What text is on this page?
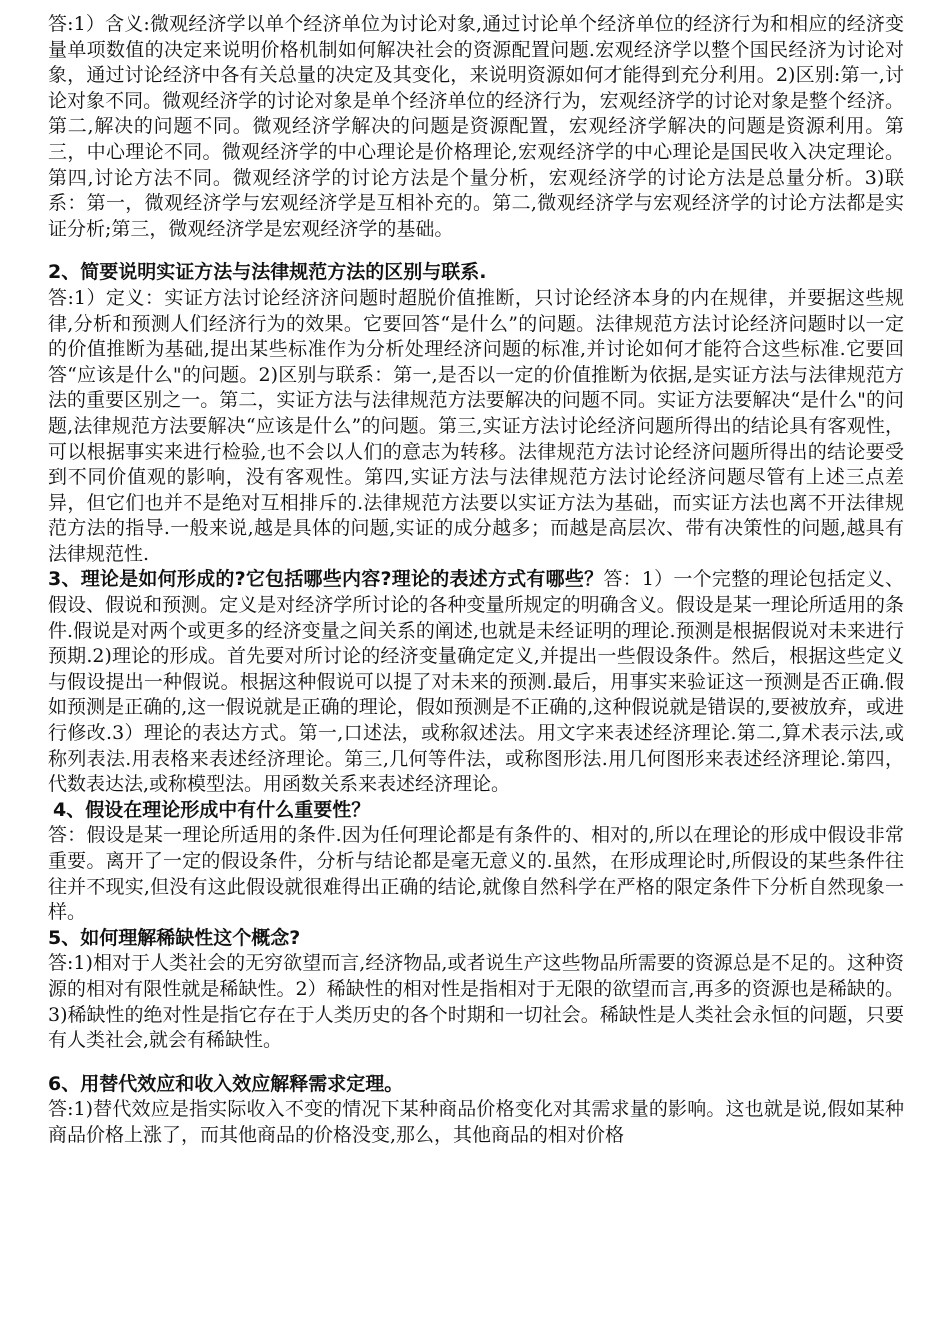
答:1）含义:微观经济学以单个经济单位为讨论对象,通过讨论单个经济单位的经济行为和相应的经济变量单项数值的决定来说明价格机制如何解决社会的资源配置问题.宏观经济学以整个国民经济为讨论对象，通过讨论经济中各有关总量的决定及其变化，来说明资源如何才能得到充分利用。2)区别:第一,讨论对象不同。微观经济学的讨论对象是单个经济单位的经济行为，宏观经济学的讨论对象是整个经济。第二,解决的问题不同。微观经济学解决的问题是资源配置，宏观经济学解决的问题是资源利用。第三，中心理论不同。微观经济学的中心理论是价格理论,宏观经济学的中心理论是国民收入决定理论。第四,讨论方法不同。微观经济学的讨论方法是个量分析，宏观经济学的讨论方法是总量分析。3)联系：第一，微观经济学与宏观经济学是互相补充的。第二,微观经济学与宏观经济学的讨论方法都是实证分析;第三，微观经济学是宏观经济学的基础。

2、简要说明实证方法与法律规范方法的区别与联系.

答:1）定义：实证方法讨论经济济问题时超脱价值推断，只讨论经济本身的内在规律，并要据这些规律,分析和预测人们经济行为的效果。它要回答“是什么”的问题。法律规范方法讨论经济问题时以一定的价值推断为基础,提出某些标准作为分析处理经济问题的标准,并讨论如何才能符合这些标准.它要回答“应该是什么"的问题。2)区别与联系：第一,是否以一定的价值推断为依据,是实证方法与法律规范方法的重要区别之一。第二，实证方法与法律规范方法要解决的问题不同。实证方法要解决“是什么"的问题,法律规范方法要解决“应该是什么”的问题。第三,实证方法讨论经济问题所得出的结论具有客观性，可以根据事实来进行检验,也不会以人们的意志为转移。法律规范方法讨论经济问题所得出的结论要受到不同价值观的影响，没有客观性。第四,实证方法与法律规范方法讨论经济问题尽管有上述三点差异，但它们也并不是绝对互相排斥的.法律规范方法要以实证方法为基础，而实证方法也离不开法律规范方法的指导.一般来说,越是具体的问题,实证的成分越多；而越是高层次、带有决策性的问题,越具有法律规范性.

3、理论是如何形成的?它包括哪些内容?理论的表述方式有哪些？答：1）一个完整的理论包括定义、假设、假说和预测。定义是对经济学所讨论的各种变量所规定的明确含义。假设是某一理论所适用的条件.假说是对两个或更多的经济变量之间关系的阐述,也就是未经证明的理论.预测是根据假说对未来进行预期.2)理论的形成。首先要对所讨论的经济变量确定定义,并提出一些假设条件。然后，根据这些定义与假设提出一种假说。根据这种假说可以提了对未来的预测.最后，用事实来验证这一预测是否正确.假如预测是正确的,这一假说就是正确的理论，假如预测是不正确的,这种假说就是错误的,要被放弃，或进行修改.3）理论的表达方式。第一,口述法，或称叙述法。用文字来表述经济理论.第二,算术表示法,或称列表法.用表格来表述经济理论。第三,几何等件法，或称图形法.用几何图形来表述经济理论.第四，代数表达法,或称模型法。用函数关系来表述经济理论。

4、假设在理论形成中有什么重要性？

答：假设是某一理论所适用的条件.因为任何理论都是有条件的、相对的,所以在理论的形成中假设非常重要。离开了一定的假设条件，分析与结论都是毫无意义的.虽然，在形成理论时,所假设的某些条件往往并不现实,但没有这此假设就很难得出正确的结论,就像自然科学在严格的限定条件下分析自然现象一样。

5、如何理解稀缺性这个概念?

答:1)相对于人类社会的无穷欲望而言,经济物品,或者说生产这些物品所需要的资源总是不足的。这种资源的相对有限性就是稀缺性。2）稀缺性的相对性是指相对于无限的欲望而言,再多的资源也是稀缺的。3)稀缺性的绝对性是指它存在于人类历史的各个时期和一切社会。稀缺性是人类社会永恒的问题，只要有人类社会,就会有稀缺性。

6、用替代效应和收入效应解释需求定理。

答:1)替代效应是指实际收入不变的情况下某种商品价格变化对其需求量的影响。这也就是说,假如某种商品价格上涨了，而其他商品的价格没变,那么，其他商品的相对价格
